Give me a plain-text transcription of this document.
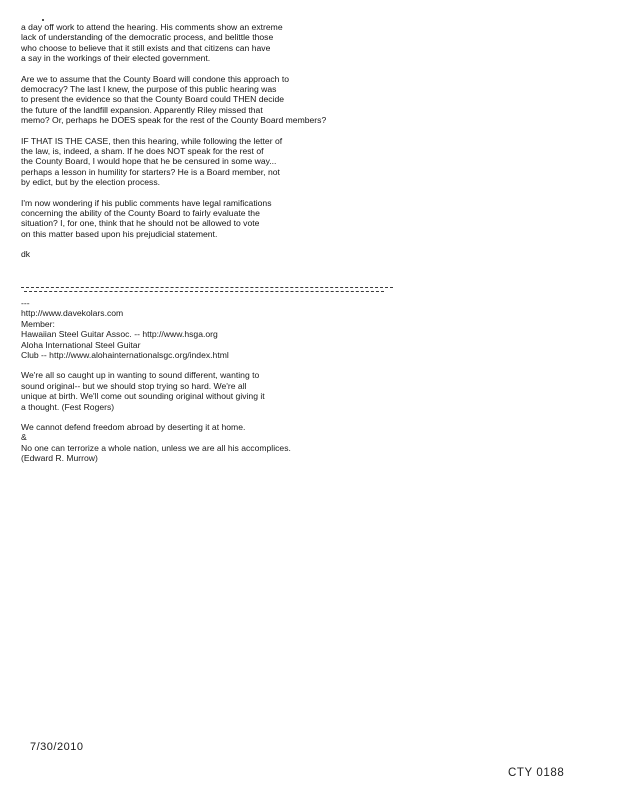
a day off work to attend the hearing. His comments show an extreme
lack of understanding of the democratic process, and belittle those
who choose to believe that it still exists and that citizens can have
a say in the workings of their elected government.
Are we to assume that the County Board will condone this approach to
democracy? The last I knew, the purpose of this public hearing was
to present the evidence so that the County Board could THEN decide
the future of the landfill expansion. Apparently Riley missed that
memo? Or, perhaps he DOES speak for the rest of the County Board members?
IF THAT IS THE CASE, then this hearing, while following the letter of
the law, is, indeed, a sham. If he does NOT speak for the rest of
the County Board, I would hope that he be censured in some way...
perhaps a lesson in humility for starters? He is a Board member, not
by edict, but by the election process.
I'm now wondering if his public comments have legal ramifications
concerning the ability of the County Board to fairly evaluate the
situation? I, for one, think that he should not be allowed to vote
on this matter based upon his prejudicial statement.
dk
---
http://www.davekolars.com
Member:
Hawaiian Steel Guitar Assoc. -- http://www.hsga.org
Aloha International Steel Guitar
Club -- http://www.alohainternationalsgc.org/index.html
We're all so caught up in wanting to sound different, wanting to
sound original-- but we should stop trying so hard. We're all
unique at birth. We'll come out sounding original without giving it
a thought. (Fest Rogers)
We cannot defend freedom abroad by deserting it at home.
&
No one can terrorize a whole nation, unless we are all his accomplices.
(Edward R. Murrow)
7/30/2010
CTY 0188
